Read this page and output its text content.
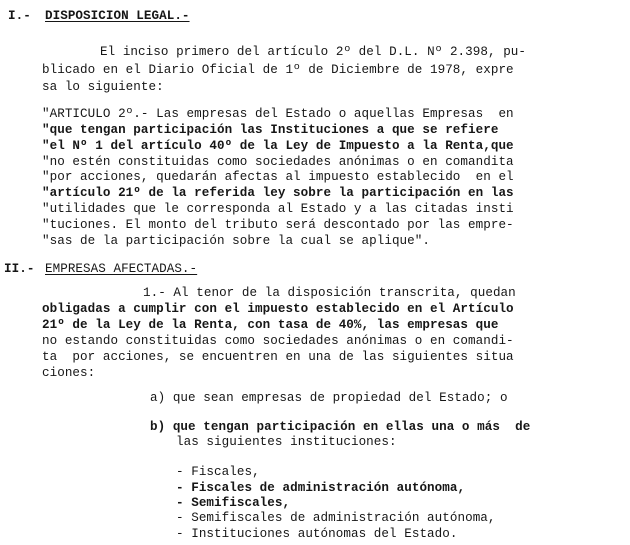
I.- DISPOSICION LEGAL.-
El inciso primero del artículo 2º del D.L. Nº 2.398, pu-
blicado en el Diario Oficial de 1º de Diciembre de 1978, expre
sa lo siguiente:
"ARTICULO 2º.- Las empresas del Estado o aquellas Empresas  en
"que tengan participación las Instituciones a que se refiere
"el Nº 1 del artículo 40º de la Ley de Impuesto a la Renta,que
"no estén constituidas como sociedades anónimas o en comandita
"por acciones, quedarán afectas al impuesto establecido  en el
"artículo 21º de la referida ley sobre la participación en las
"utilidades que le corresponda al Estado y a las citadas insti
"tuciones. El monto del tributo será descontado por las empre-
"sas de la participación sobre la cual se aplique".
II.- EMPRESAS AFECTADAS.-
1.- Al tenor de la disposición transcrita, quedan
obligadas a cumplir con el impuesto establecido en el Artículo
21º de la Ley de la Renta, con tasa de 40%, las empresas que
no estando constituidas como sociedades anónimas o en comandi-
ta  por acciones, se encuentren en una de las siguientes situa
ciones:
a) que sean empresas de propiedad del Estado; o
b) que tengan participación en ellas una o más  de
las siguientes instituciones:
- Fiscales,
- Fiscales de administración autónoma,
- Semifiscales,
- Semifiscales de administración autónoma,
- Instituciones autónomas del Estado.
